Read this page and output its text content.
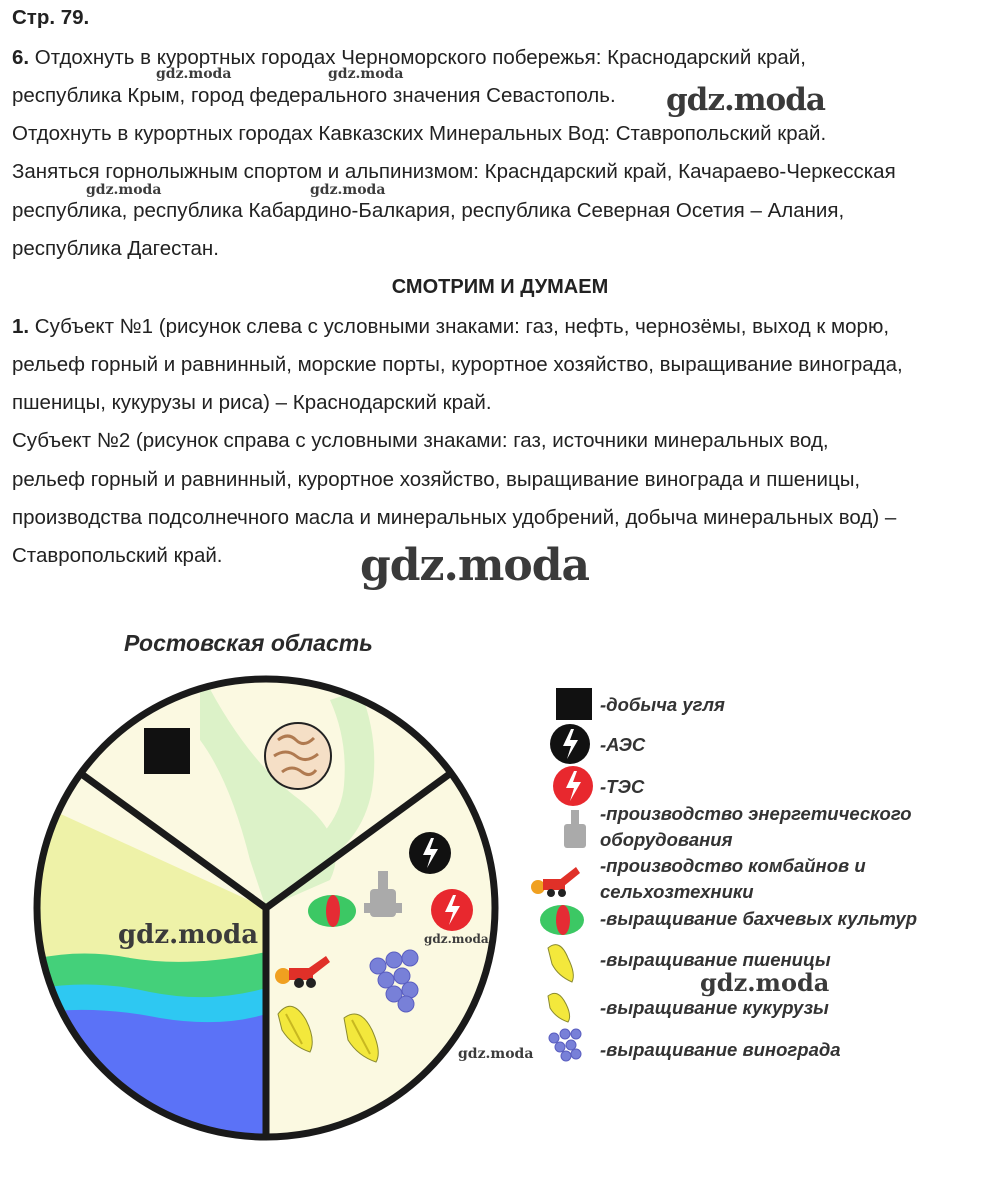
Стр. 79.
6. Отдохнуть в курортных городах Черноморского побережья: Краснодарский край,
республика Крым, город федерального значения Севастополь.
Отдохнуть в курортных городах Кавказских Минеральных Вод: Ставропольский край.
Заняться горнолыжным спортом и альпинизмом: Красндарский край, Качараево-Черкесская
республика, республика Кабардино-Балкария, республика Северная Осетия – Алания,
республика Дагестан.
СМОТРИМ И ДУМАЕМ
1. Субъект №1 (рисунок слева с условными знаками: газ, нефть, чернозёмы, выход к морю,
рельеф горный и равнинный, морские порты, курортное хозяйство, выращивание винограда,
пшеницы, кукурузы и риса) – Краснодарский край.
Субъект №2 (рисунок справа с условными знаками: газ, источники минеральных вод,
рельеф горный и равнинный, курортное хозяйство, выращивание винограда и пшеницы,
производства подсолнечного масла и минеральных удобрений, добыча минеральных вод) –
Ставропольский край.
gdz.moda	gdz.moda
gdz.moda
gdz.moda	gdz.moda
gdz.moda
Ростовская область
gdz.moda	gdz.moda
gdz.moda
gdz.moda
-добыча угля
-АЭС
-ТЭС
-производство энергетического
оборудования
-производство комбайнов и
сельхозтехники
-выращивание бахчевых культур
-выращивание пшеницы
-выращивание кукурузы
-выращивание винограда
